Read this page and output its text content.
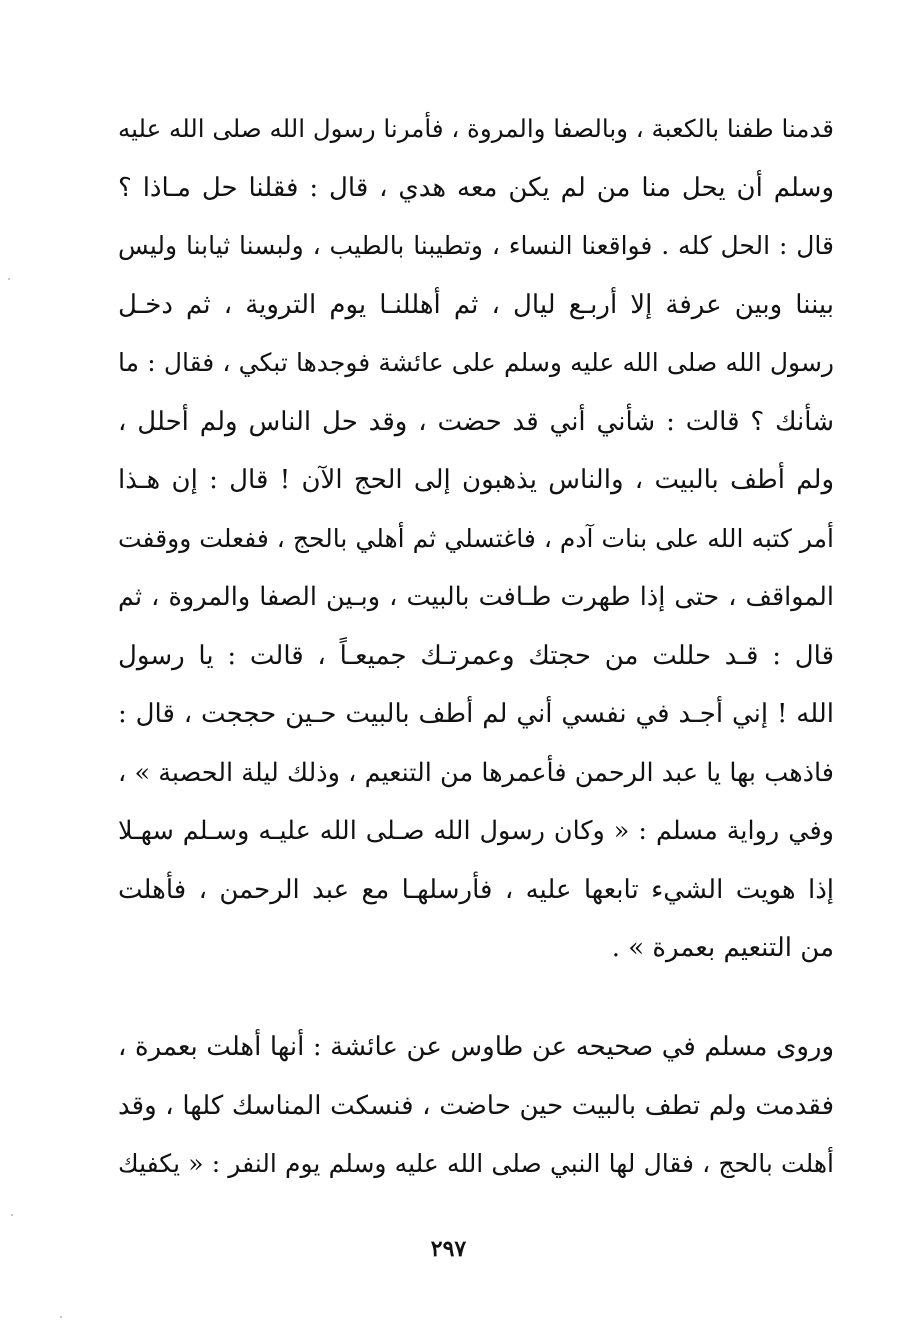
قدمنا طفنا بالكعبة ، وبالصفا والمروة ، فأمرنا رسول الله صلى الله عليه
وسلم أن يحل منا من لم يكن معه هدي ، قال : فقلنا حل مـاذا ؟
قال : الحل كله . فواقعنا النساء ، وتطيبنا بالطيب ، ولبسنا ثيابنا وليس
بيننا وبين عرفة إلا أربـع ليال ، ثم أهللنـا يوم التروية ، ثم دخـل
رسول الله صلى الله عليه وسلم على عائشة فوجدها تبكي ، فقال : ما
شأنك ؟ قالت : شأني أني قد حضت ، وقد حل الناس ولم أحلل ،
ولم أطف بالبيت ، والناس يذهبون إلى الحج الآن ! قال : إن هـذا
أمر كتبه الله على بنات آدم ، فاغتسلي ثم أهلي بالحج ، ففعلت ووقفت
المواقف ، حتى إذا طهرت طـافت بالبيت ، وبـين الصفا والمروة ، ثم
قال : قـد حللت من حجتك وعمرتـك جميعـاً ، قالت : يا رسول
الله ! إني أجـد في نفسي أني لم أطف بالبيت حـين حججت ، قال :
فاذهب بها يا عبد الرحمن فأعمرها من التنعيم ، وذلك ليلة الحصبة » ،
وفي رواية مسلم : « وكان رسول الله صـلى الله عليـه وسـلم سهـلا
إذا هويت الشيء تابعها عليه ، فأرسلهـا مع عبد الرحمن ، فأهلت
من التنعيم بعمرة » .
وروى مسلم في صحيحه عن طاوس عن عائشة : أنها أهلت بعمرة ،
فقدمت ولم تطف بالبيت حين حاضت ، فنسكت المناسك كلها ، وقد
أهلت بالحج ، فقال لها النبي صلى الله عليه وسلم يوم النفر : « يكفيك
٢٩٧
